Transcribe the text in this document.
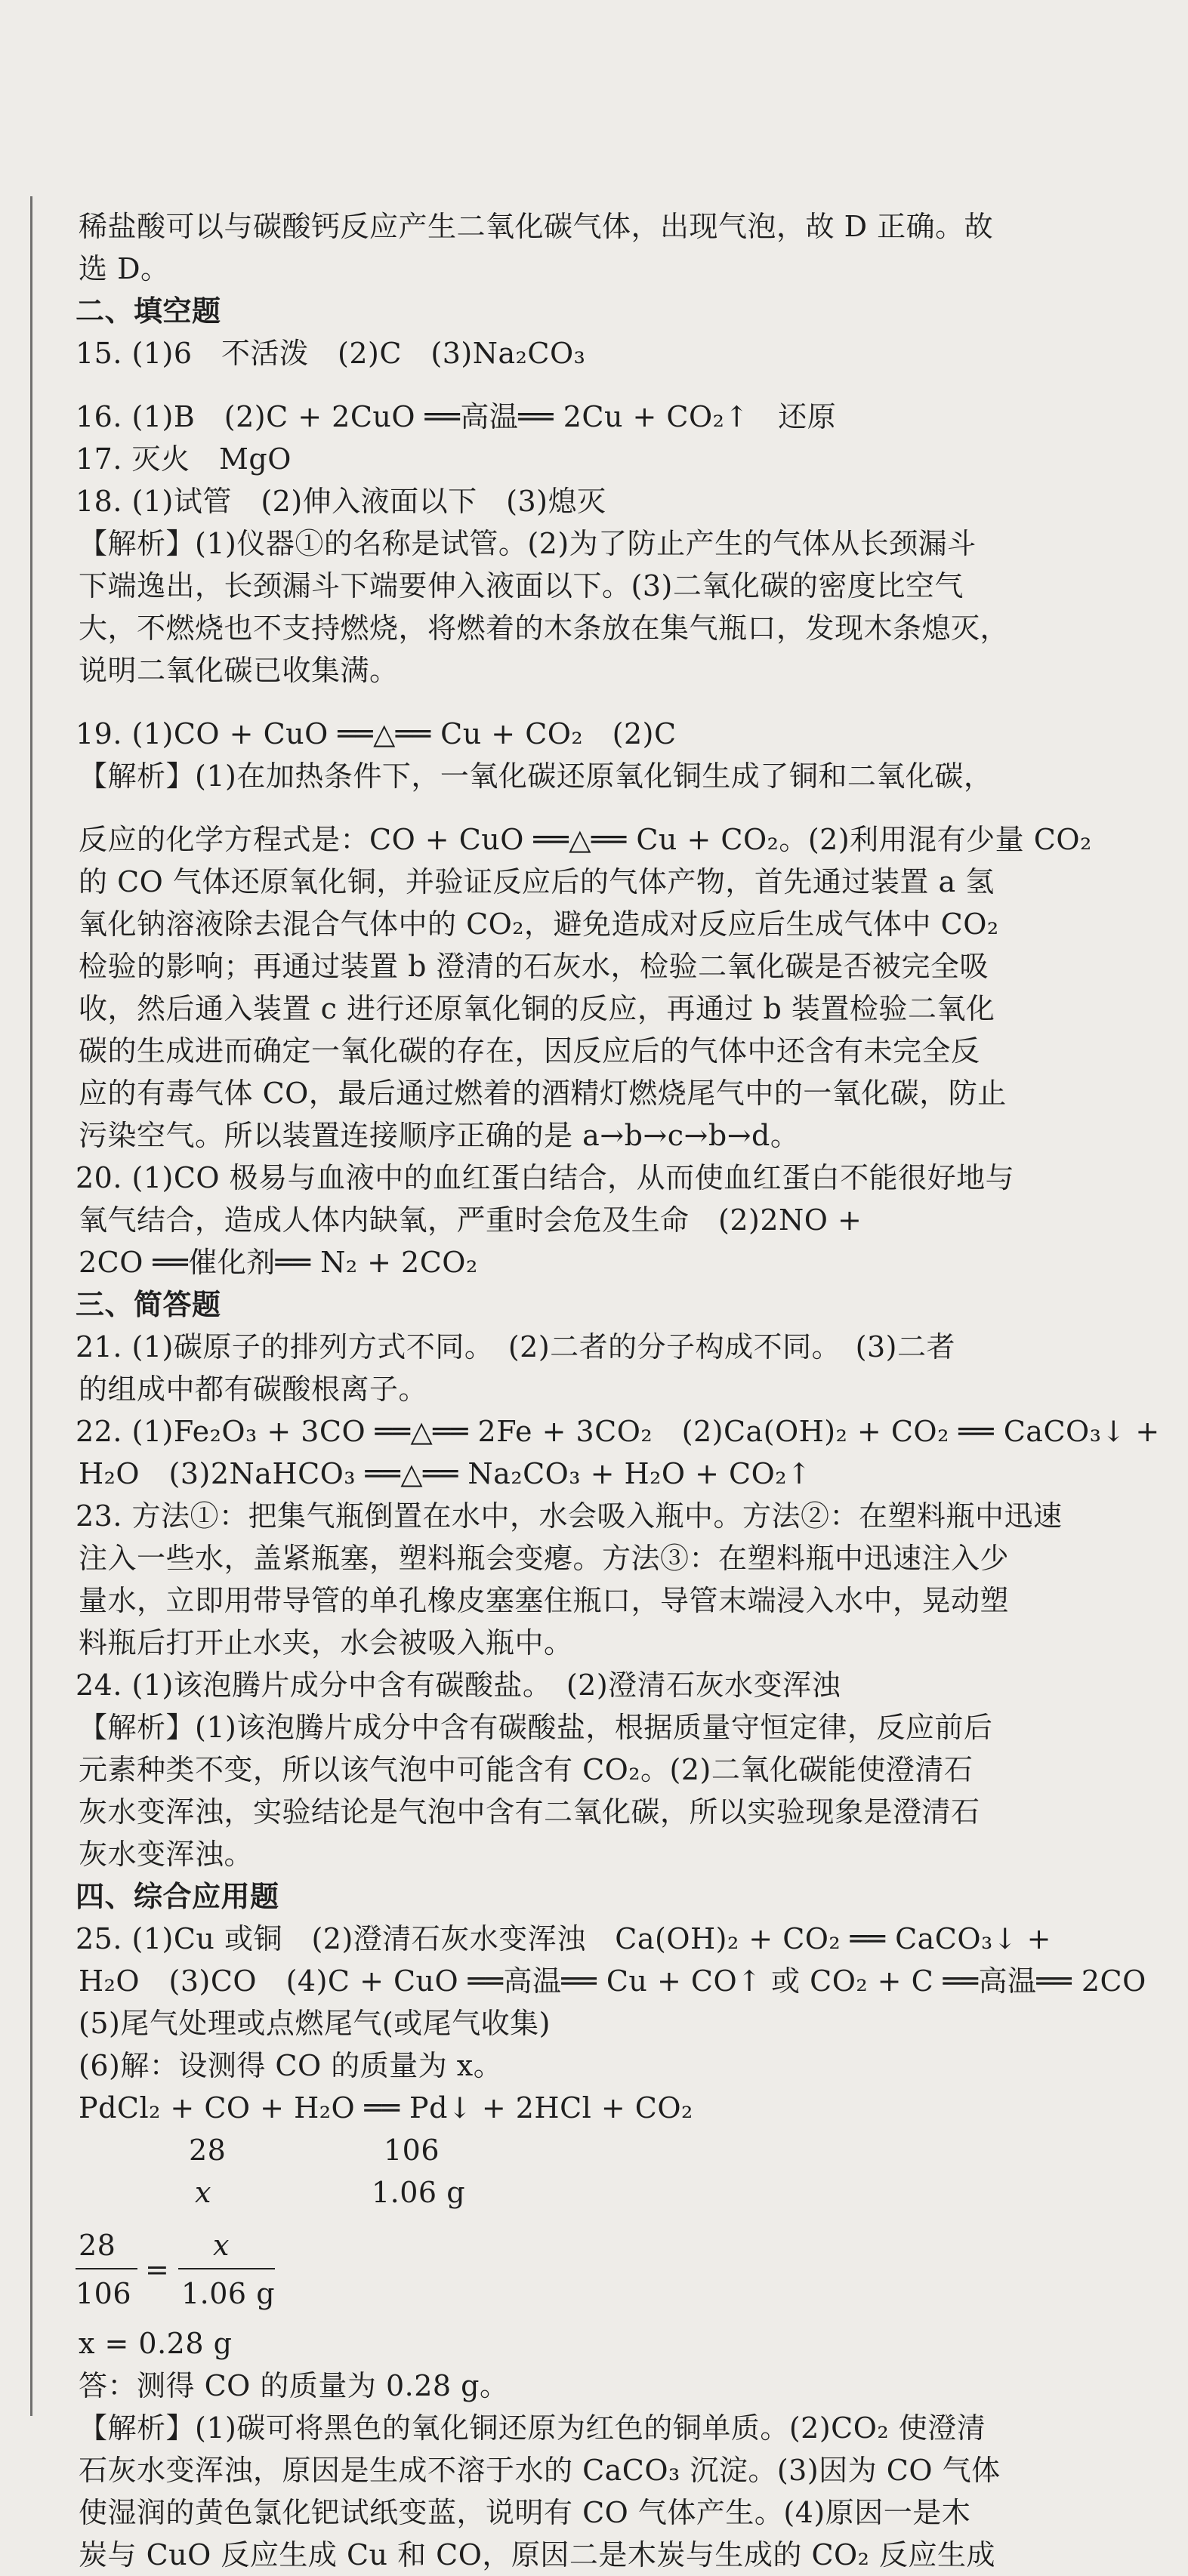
稀盐酸可以与碳酸钙反应产生二氧化碳气体，出现气泡，故 D 正确。故
选 D。
二、填空题
15. (1)6　不活泼　(2)C　(3)Na₂CO₃
16. (1)B　(2)C + 2CuO ══高温══ 2Cu + CO₂↑　还原
17. 灭火　MgO
18. (1)试管　(2)伸入液面以下　(3)熄灭
【解析】(1)仪器①的名称是试管。(2)为了防止产生的气体从长颈漏斗
下端逸出，长颈漏斗下端要伸入液面以下。(3)二氧化碳的密度比空气
大，不燃烧也不支持燃烧，将燃着的木条放在集气瓶口，发现木条熄灭，
说明二氧化碳已收集满。
19. (1)CO + CuO ══△══ Cu + CO₂　(2)C
【解析】(1)在加热条件下，一氧化碳还原氧化铜生成了铜和二氧化碳，
反应的化学方程式是：CO + CuO ══△══ Cu + CO₂。(2)利用混有少量 CO₂
的 CO 气体还原氧化铜，并验证反应后的气体产物，首先通过装置 a 氢
氧化钠溶液除去混合气体中的 CO₂，避免造成对反应后生成气体中 CO₂
检验的影响；再通过装置 b 澄清的石灰水，检验二氧化碳是否被完全吸
收，然后通入装置 c 进行还原氧化铜的反应，再通过 b 装置检验二氧化
碳的生成进而确定一氧化碳的存在，因反应后的气体中还含有未完全反
应的有毒气体 CO，最后通过燃着的酒精灯燃烧尾气中的一氧化碳，防止
污染空气。所以装置连接顺序正确的是 a→b→c→b→d。
20. (1)CO 极易与血液中的血红蛋白结合，从而使血红蛋白不能很好地与
氧气结合，造成人体内缺氧，严重时会危及生命　(2)2NO +
2CO ══催化剂══ N₂ + 2CO₂
三、简答题
21. (1)碳原子的排列方式不同。　(2)二者的分子构成不同。　(3)二者
的组成中都有碳酸根离子。
22. (1)Fe₂O₃ + 3CO ══△══ 2Fe + 3CO₂　(2)Ca(OH)₂ + CO₂ ══ CaCO₃↓ +
H₂O　(3)2NaHCO₃ ══△══ Na₂CO₃ + H₂O + CO₂↑
23. 方法①：把集气瓶倒置在水中，水会吸入瓶中。方法②：在塑料瓶中迅速
注入一些水，盖紧瓶塞，塑料瓶会变瘪。方法③：在塑料瓶中迅速注入少
量水，立即用带导管的单孔橡皮塞塞住瓶口，导管末端浸入水中，晃动塑
料瓶后打开止水夹，水会被吸入瓶中。
24. (1)该泡腾片成分中含有碳酸盐。　(2)澄清石灰水变浑浊
【解析】(1)该泡腾片成分中含有碳酸盐，根据质量守恒定律，反应前后
元素种类不变，所以该气泡中可能含有 CO₂。(2)二氧化碳能使澄清石
灰水变浑浊，实验结论是气泡中含有二氧化碳，所以实验现象是澄清石
灰水变浑浊。
四、综合应用题
25. (1)Cu 或铜　(2)澄清石灰水变浑浊　Ca(OH)₂ + CO₂ ══ CaCO₃↓ +
H₂O　(3)CO　(4)C + CuO ══高温══ Cu + CO↑ 或 CO₂ + C ══高温══ 2CO
(5)尾气处理或点燃尾气(或尾气收集)
(6)解：设测得 CO 的质量为 x。
PdCl₂ + CO + H₂O ══ Pd↓ + 2HCl + CO₂
28	106
x	1.06 g
28
106
=
x
1.06 g
x = 0.28 g
答：测得 CO 的质量为 0.28 g。
【解析】(1)碳可将黑色的氧化铜还原为红色的铜单质。(2)CO₂ 使澄清
石灰水变浑浊，原因是生成不溶于水的 CaCO₃ 沉淀。(3)因为 CO 气体
使湿润的黄色氯化钯试纸变蓝，说明有 CO 气体产生。(4)原因一是木
炭与 CuO 反应生成 Cu 和 CO，原因二是木炭与生成的 CO₂ 反应生成
